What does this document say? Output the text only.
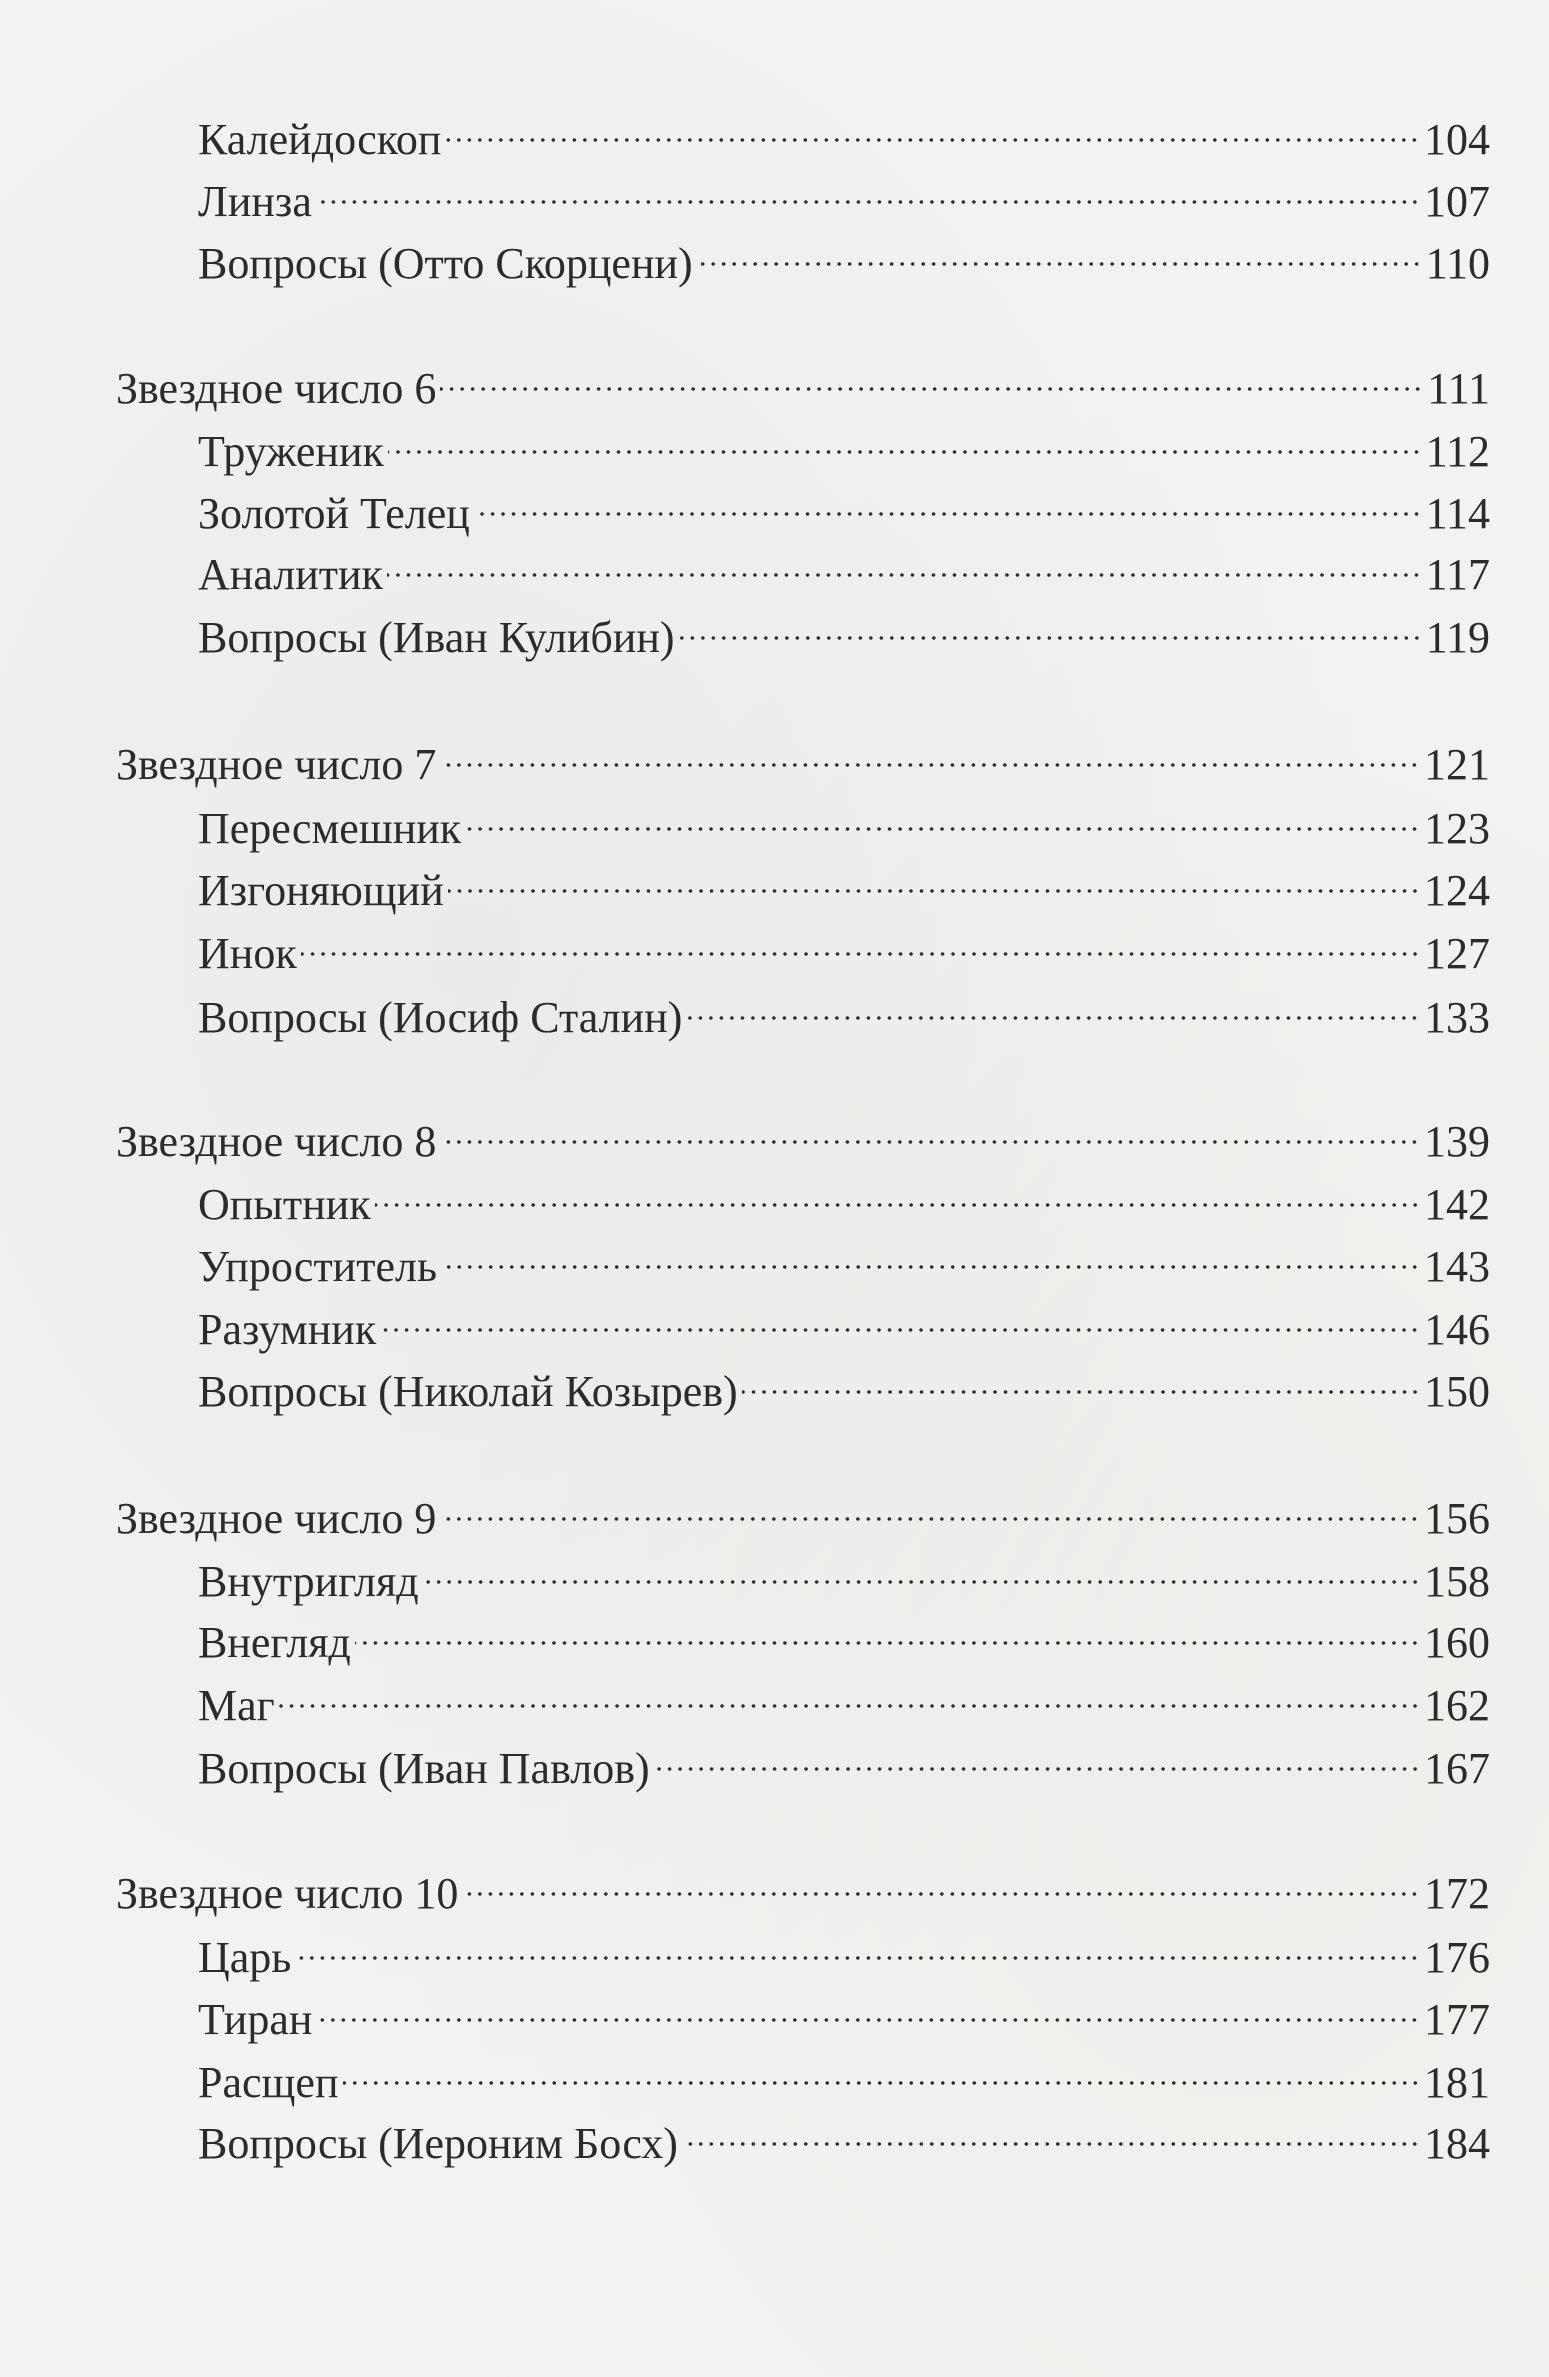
Калейдоскоп	104
Линза	107
Вопросы (Отто Скорцени)	110
Звездное число 6	111
Труженик	112
Золотой Телец	114
Аналитик	117
Вопросы (Иван Кулибин)	119
Звездное число 7	121
Пересмешник	123
Изгоняющий	124
Инок	127
Вопросы (Иосиф Сталин)	133
Звездное число 8	139
Опытник	142
Упроститель	143
Разумник	146
Вопросы (Николай Козырев)	150
Звездное число 9	156
Внутригляд	158
Внегляд	160
Маг	162
Вопросы (Иван Павлов)	167
Звездное число 10	172
Царь	176
Тиран	177
Расщеп	181
Вопросы (Иероним Босх)	184
